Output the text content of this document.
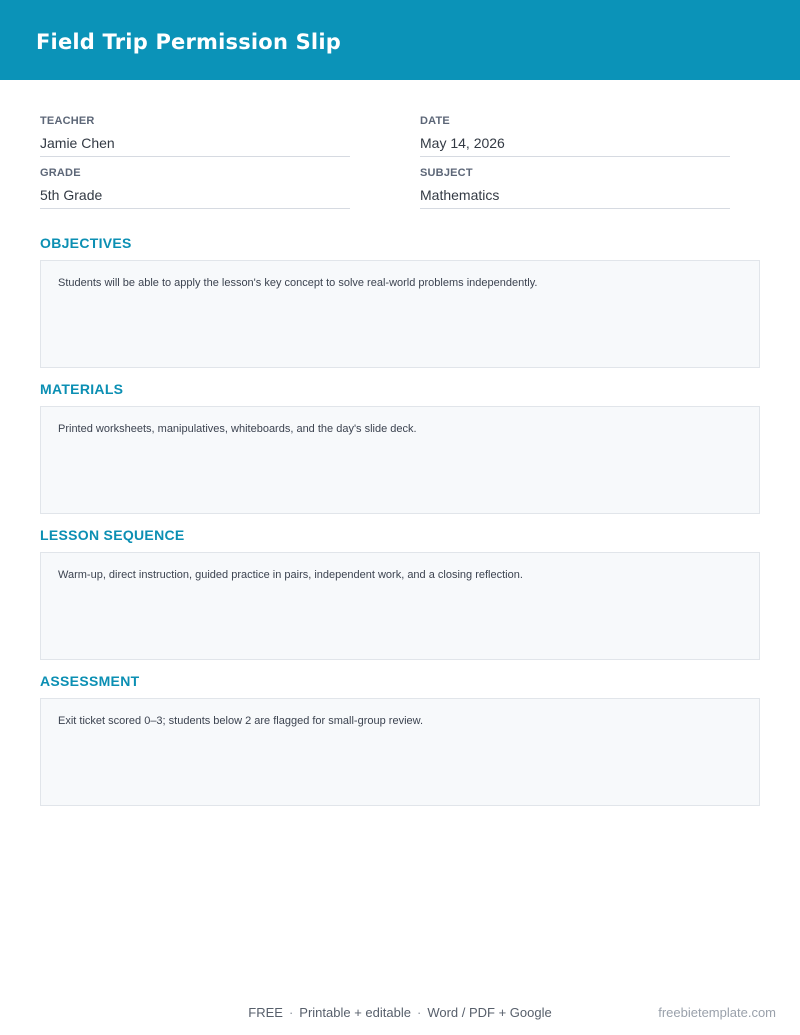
Field Trip Permission Slip
TEACHER
Jamie Chen
DATE
May 14, 2026
GRADE
5th Grade
SUBJECT
Mathematics
OBJECTIVES
Students will be able to apply the lesson's key concept to solve real-world problems independently.
MATERIALS
Printed worksheets, manipulatives, whiteboards, and the day's slide deck.
LESSON SEQUENCE
Warm-up, direct instruction, guided practice in pairs, independent work, and a closing reflection.
ASSESSMENT
Exit ticket scored 0–3; students below 2 are flagged for small-group review.
FREE · Printable + editable · Word / PDF + Google	freebietemplate.com
